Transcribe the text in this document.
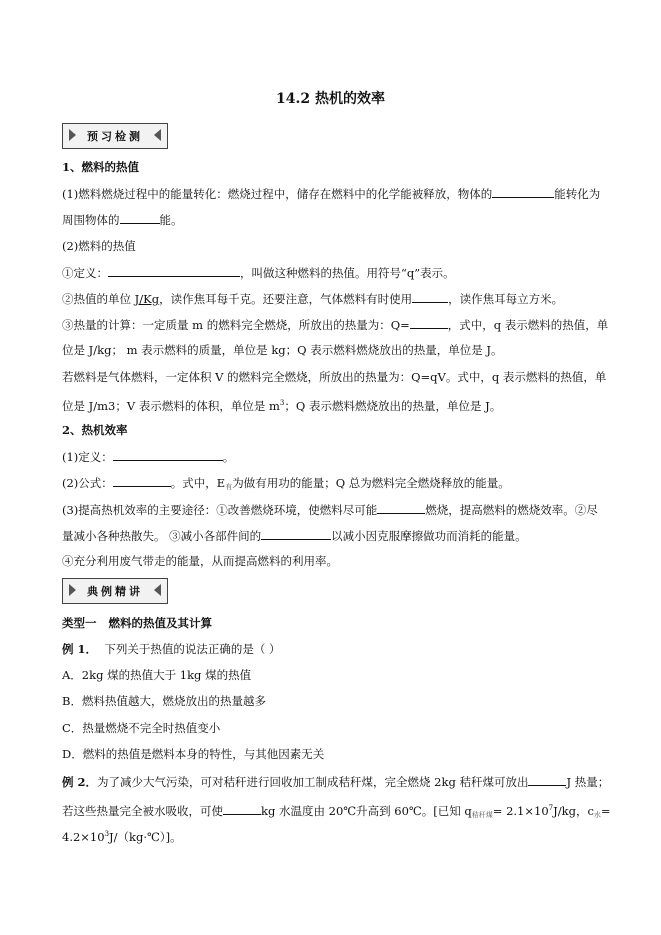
14.2 热机的效率
预习检测
1、燃料的热值
(1)燃料燃烧过程中的能量转化：燃烧过程中，储存在燃料中的化学能被释放，物体的	能转化为
周围物体的	能。
(2)燃料的热值
①定义：	，叫做这种燃料的热值。用符号“q”表示。
②热值的单位 J/Kg，读作焦耳每千克。还要注意，气体燃料有时使用	，读作焦耳每立方米。
③热量的计算：一定质量 m 的燃料完全燃烧，所放出的热量为：Q=	，式中，q 表示燃料的热值，单
位是 J/kg； m 表示燃料的质量，单位是 kg；Q 表示燃料燃烧放出的热量，单位是 J。
若燃料是气体燃料，一定体积 V 的燃料完全燃烧，所放出的热量为：Q=qV。式中，q 表示燃料的热值，单
位是 J/m3；V 表示燃料的体积，单位是 $m^3$；Q 表示燃料燃烧放出的热量，单位是 J。
2、热机效率
(1)定义：	。
(2)公式：	。式中，$E_有$为做有用功的能量；Q 总为燃料完全燃烧释放的能量。
(3)提高热机效率的主要途径：①改善燃烧环境，使燃料尽可能	燃烧，提高燃料的燃烧效率。②尽
量减小各种热散失。 ③减小各部件间的	以减小因克服摩擦做功而消耗的能量。
④充分利用废气带走的能量，从而提高燃料的利用率。
典例精讲
类型一 燃料的热值及其计算
例 1． 下列关于热值的说法正确的是（ ）
A．2kg 煤的热值大于 1kg 煤的热值
B．燃料热值越大，燃烧放出的热量越多
C．热量燃烧不完全时热值变小
D．燃料的热值是燃料本身的特性，与其他因素无关
例 2．为了减少大气污染，可对秸秆进行回收加工制成秸秆煤，完全燃烧 2kg 秸秆煤可放出	J 热量；
若这些热量完全被水吸收，可使	kg 水温度由 20℃升高到 60℃。[已知 $q_{秸秆煤}= 2.1\times 10^7J/kg$，$c_水=$
$4.2\times 10^3J/(kg\cdot℃)$]。
